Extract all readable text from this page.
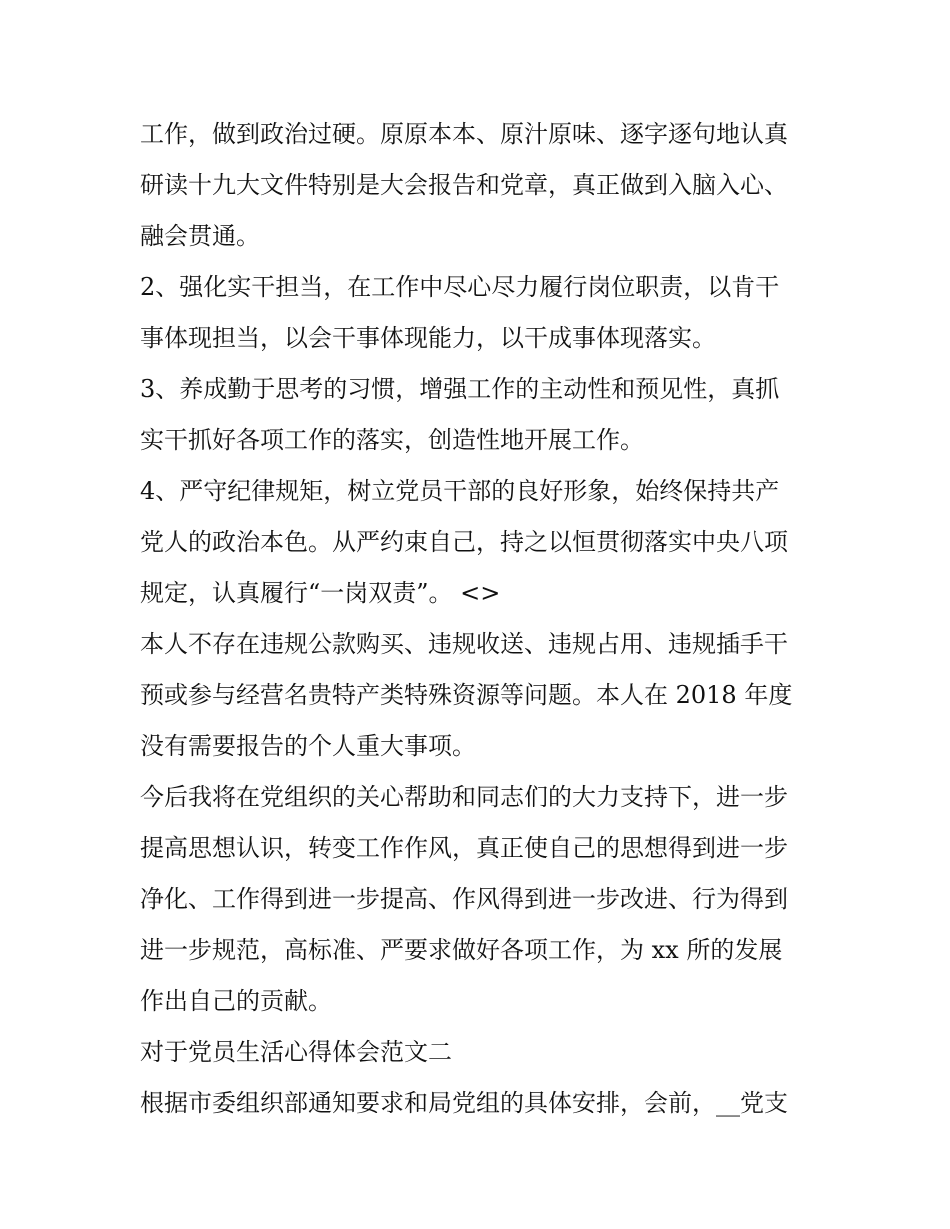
工作，做到政治过硬。原原本本、原汁原味、逐字逐句地认真
研读十九大文件特别是大会报告和党章，真正做到入脑入心、
融会贯通。
2、强化实干担当，在工作中尽心尽力履行岗位职责，以肯干
事体现担当，以会干事体现能力，以干成事体现落实。
3、养成勤于思考的习惯，增强工作的主动性和预见性，真抓
实干抓好各项工作的落实，创造性地开展工作。
4、严守纪律规矩，树立党员干部的良好形象，始终保持共产
党人的政治本色。从严约束自己，持之以恒贯彻落实中央八项
规定，认真履行“一岗双责”。 <>
本人不存在违规公款购买、违规收送、违规占用、违规插手干
预或参与经营名贵特产类特殊资源等问题。本人在 2018 年度
没有需要报告的个人重大事项。
今后我将在党组织的关心帮助和同志们的大力支持下，进一步
提高思想认识，转变工作作风，真正使自己的思想得到进一步
净化、工作得到进一步提高、作风得到进一步改进、行为得到
进一步规范，高标准、严要求做好各项工作，为 xx 所的发展
作出自己的贡献。
对于党员生活心得体会范文二
根据市委组织部通知要求和局党组的具体安排，会前，__党支
